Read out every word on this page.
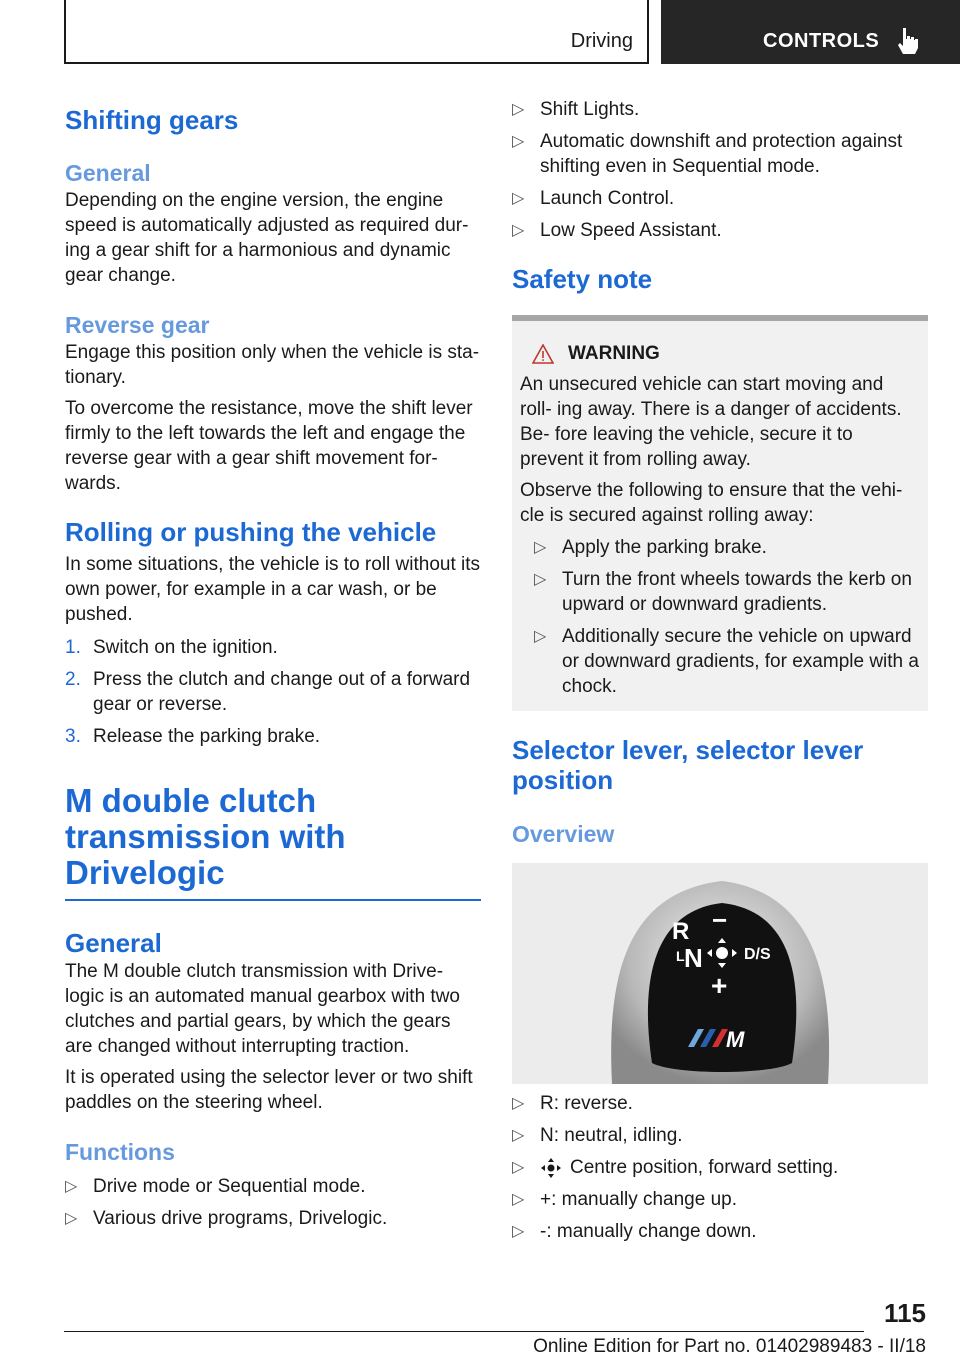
Driving	CONTROLS
Shifting gears
General

Depending on the engine version, the engine speed is automatically adjusted as required dur‐ ing a gear shift for a harmonious and dynamic gear change.

Reverse gear

Engage this position only when the vehicle is sta‐ tionary.

To overcome the resistance, move the shift lever firmly to the left towards the left and engage the reverse gear with a gear shift movement for‐ wards.

Rolling or pushing the vehicle

In some situations, the vehicle is to roll without its own power, for example in a car wash, or be pushed.

1. Switch on the ignition.
2. Press the clutch and change out of a forward gear or reverse.
3. Release the parking brake.
M double clutch transmission with Drivelogic
General

The M double clutch transmission with Drive‐ logic is an automated manual gearbox with two clutches and partial gears, by which the gears are changed without interrupting traction.

It is operated using the selector lever or two shift paddles on the steering wheel.

Functions
▷ Drive mode or Sequential mode.
▷ Various drive programs, Drivelogic.
▷ Shift Lights.
▷ Automatic downshift and protection against shifting even in Sequential mode.
▷ Launch Control.
▷ Low Speed Assistant.
Safety note
WARNING

An unsecured vehicle can start moving and roll‐ ing away. There is a danger of accidents. Be‐ fore leaving the vehicle, secure it to prevent it from rolling away.

Observe the following to ensure that the vehi‐ cle is secured against rolling away:

▷ Apply the parking brake.
▷ Turn the front wheels towards the kerb on upward or downward gradients.
▷ Additionally secure the vehicle on upward or downward gradients, for example with a chock.
Selector lever, selector lever position
Overview
R −
L N	D/S
+
M
▷ R: reverse.
▷ N: neutral, idling.
▷ Centre position, forward setting.
▷ +: manually change up.
▷ -: manually change down.
115
Online Edition for Part no. 01402989483 - II/18
